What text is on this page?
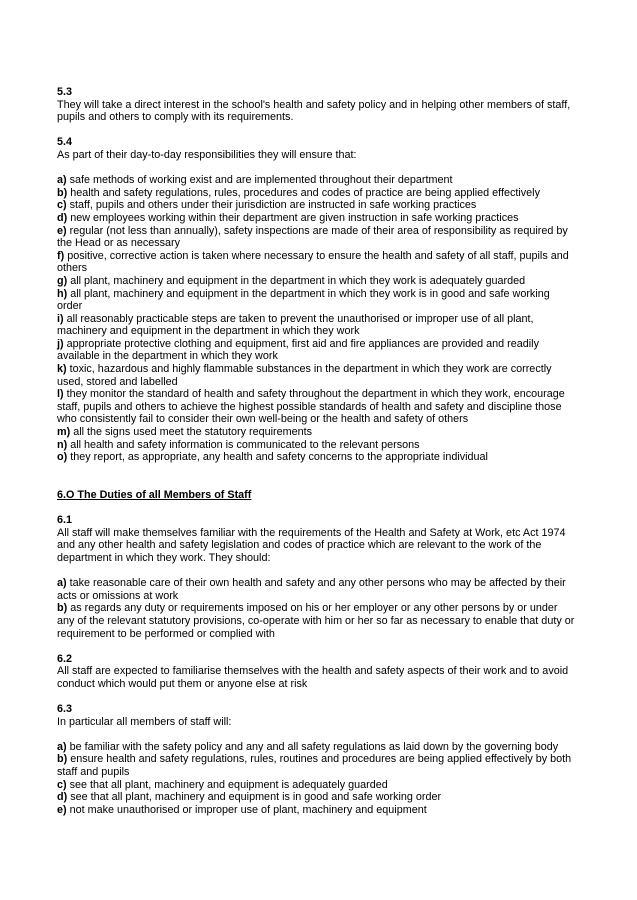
5.3
They will take a direct interest in the school's health and safety policy and in helping other members of staff,
pupils and others to comply with its requirements.
5.4
As part of their day-to-day responsibilities they will ensure that:
a) safe methods of working exist and are implemented throughout their department
b) health and safety regulations, rules, procedures and codes of practice are being applied effectively
c) staff, pupils and others under their jurisdiction are instructed in safe working practices
d) new employees working within their department are given instruction in safe working practices
e) regular (not less than annually), safety inspections are made of their area of responsibility as required by
the Head or as necessary
f) positive, corrective action is taken where necessary to ensure the health and safety of all staff, pupils and
others
g) all plant, machinery and equipment in the department in which they work is adequately guarded
h) all plant, machinery and equipment in the department in which they work is in good and safe working
order
i) all reasonably practicable steps are taken to prevent the unauthorised or improper use of all plant,
machinery and equipment in the department in which they work
j) appropriate protective clothing and equipment, first aid and fire appliances are provided and readily
available in the department in which they work
k) toxic, hazardous and highly flammable substances in the department in which they work are correctly
used, stored and labelled
l) they monitor the standard of health and safety throughout the department in which they work, encourage
staff, pupils and others to achieve the highest possible standards of health and safety and discipline those
who consistently fail to consider their own well-being or the health and safety of others
m) all the signs used meet the statutory requirements
n) all health and safety information is communicated to the relevant persons
o) they report, as appropriate, any health and safety concerns to the appropriate individual
6.O The Duties of all Members of Staff
6.1
All staff will make themselves familiar with the requirements of the Health and Safety at Work, etc Act 1974
and any other health and safety legislation and codes of practice which are relevant to the work of the
department in which they work. They should:
a) take reasonable care of their own health and safety and any other persons who may be affected by their
acts or omissions at work
b) as regards any duty or requirements imposed on his or her employer or any other persons by or under
any of the relevant statutory provisions, co-operate with him or her so far as necessary to enable that duty or
requirement to be performed or complied with
6.2
All staff are expected to familiarise themselves with the health and safety aspects of their work and to avoid
conduct which would put them or anyone else at risk
6.3
In particular all members of staff will:
a) be familiar with the safety policy and any and all safety regulations as laid down by the governing body
b) ensure health and safety regulations, rules, routines and procedures are being applied effectively by both
staff and pupils
c) see that all plant, machinery and equipment is adequately guarded
d) see that all plant, machinery and equipment is in good and safe working order
e) not make unauthorised or improper use of plant, machinery and equipment
